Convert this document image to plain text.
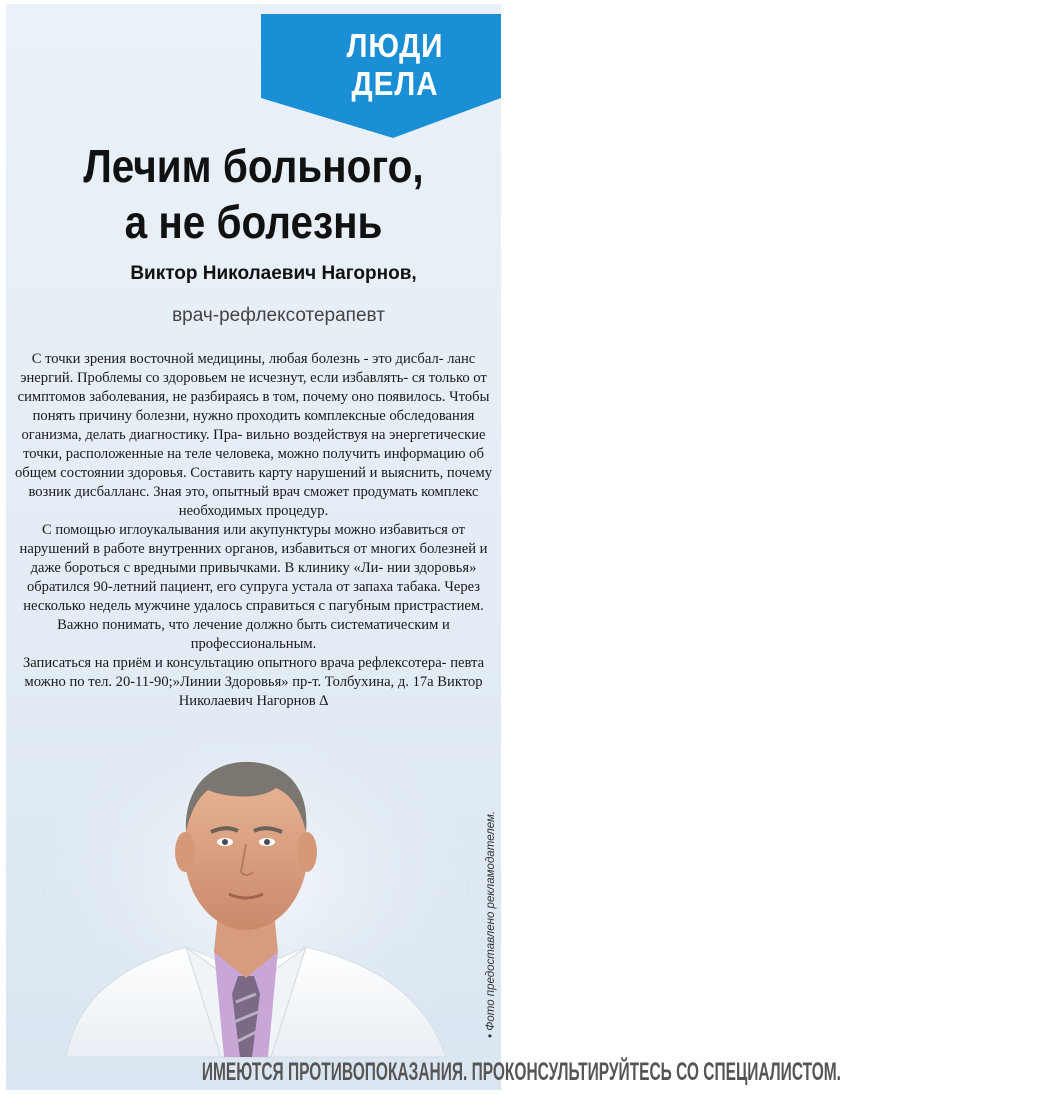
ЛЮДИ
ДЕЛА
Лечим больного,
а не болезнь
Виктор Николаевич Нагорнов,
врач-рефлексотерапевт

С точки зрения восточной медицины, любая болезнь - это дисбал- ланс энергий. Проблемы со здоровьем не исчезнут, если избавлять- ся только от симптомов заболевания, не разбираясь в том, почему оно появилось. Чтобы понять причину болезни, нужно проходить комплексные обследования оганизма, делать диагностику. Пра- вильно воздействуя на энергетические точки, расположенные на теле человека, можно получить информацию об общем состоянии здоровья. Составить карту нарушений и выяснить, почему возник дисбалланс. Зная это, опытный врач сможет продумать комплекс необходимых процедур.

С помощью иглоукалывания или акупунктуры можно избавиться от нарушений в работе внутренних органов, избавиться от многих болезней и даже бороться с вредными привычками. В клинику «Ли- нии здоровья» обратился 90-летний пациент, его супруга устала от запаха табака. Через несколько недель мужчине удалось справиться с пагубным пристрастием. Важно понимать, что лечение должно быть систематическим и профессиональным.

Записаться на приём и консультацию опытного врача рефлексотера- певта можно по тел. 20-11-90;»Линии Здоровья» пр-т. Толбухина, д. 17а Виктор Николаевич Нагорнов ∆

• Фото предоставлено рекламодателем.
ИМЕЮТСЯ ПРОТИВОПОКАЗАНИЯ. ПРОКОНСУЛЬТИРУЙТЕСЬ СО СПЕЦИАЛИСТОМ.
